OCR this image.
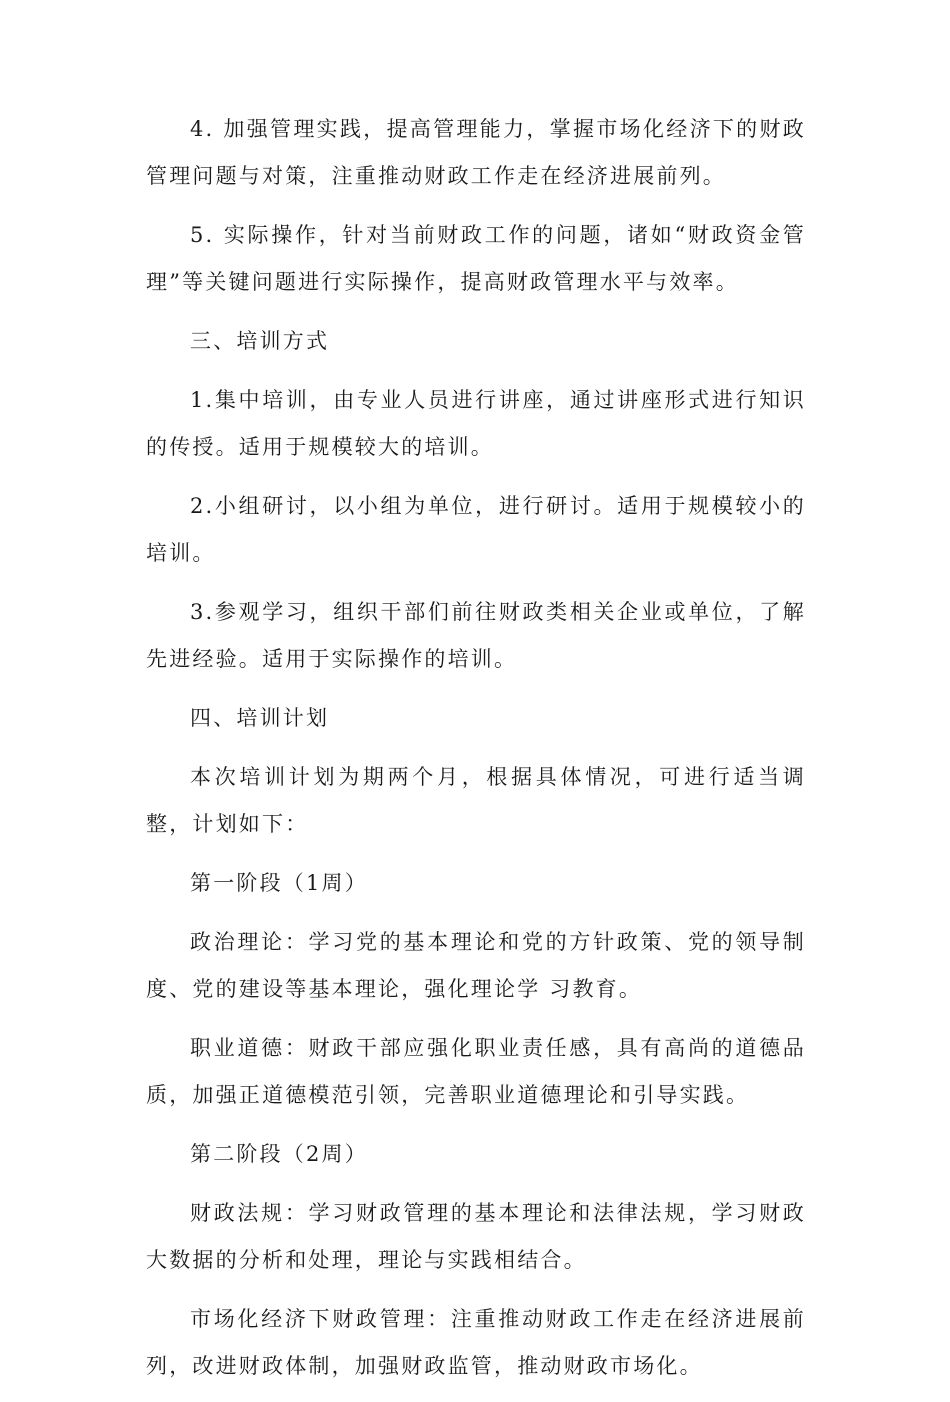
4. 加强管理实践，提高管理能力，掌握市场化经济下的财政管理问题与对策，注重推动财政工作走在经济进展前列。

5. 实际操作，针对当前财政工作的问题，诸如“财政资金管理”等关键问题进行实际操作，提高财政管理水平与效率。

三、培训方式

1.集中培训，由专业人员进行讲座，通过讲座形式进行知识的传授。适用于规模较大的培训。

2.小组研讨，以小组为单位，进行研讨。适用于规模较小的培训。

3.参观学习，组织干部们前往财政类相关企业或单位，了解先进经验。适用于实际操作的培训。

四、培训计划

本次培训计划为期两个月，根据具体情况，可进行适当调整，计划如下：

第一阶段（1周）

政治理论：学习党的基本理论和党的方针政策、党的领导制度、党的建设等基本理论，强化理论学 习教育。

职业道德：财政干部应强化职业责任感，具有高尚的道德品质，加强正道德模范引领，完善职业道德理论和引导实践。

第二阶段（2周）

财政法规：学习财政管理的基本理论和法律法规，学习财政大数据的分析和处理，理论与实践相结合。

市场化经济下财政管理：注重推动财政工作走在经济进展前列，改进财政体制，加强财政监管，推动财政市场化。
